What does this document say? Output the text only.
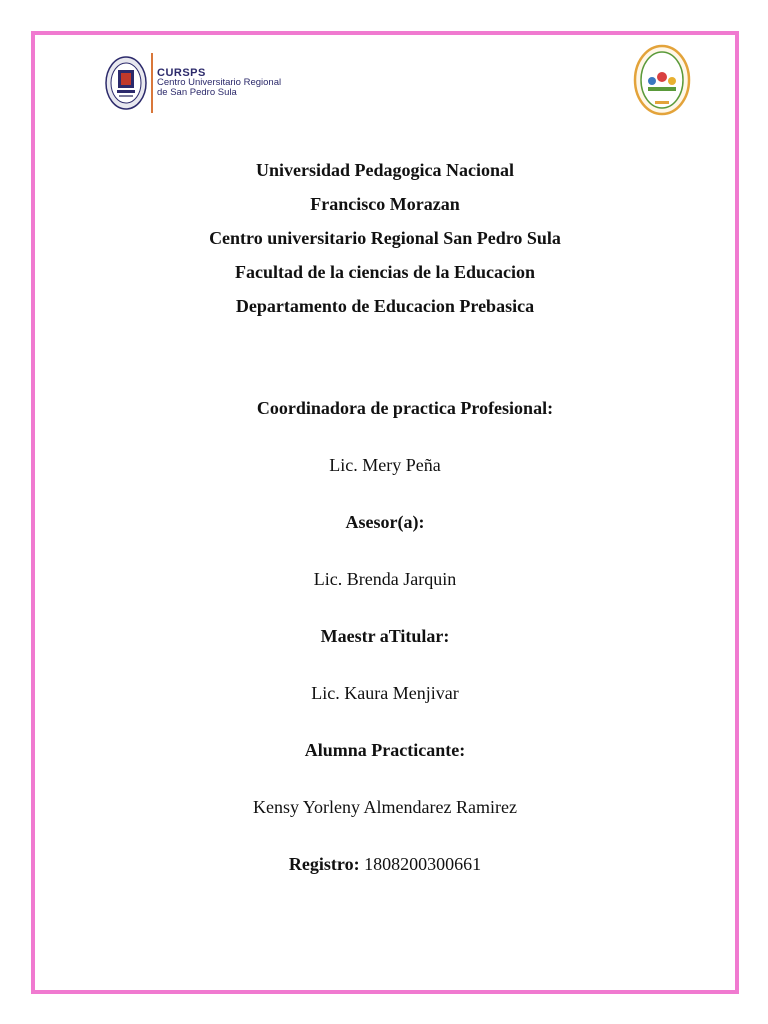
CURSPS
Centro Universitario Regional
de San Pedro Sula
Universidad Pedagogica Nacional
Francisco Morazan
Centro universitario Regional San Pedro Sula
Facultad de la ciencias de la Educacion
Departamento de Educacion Prebasica
Coordinadora de practica Profesional:
Lic. Mery Peña
Asesor(a):
Lic. Brenda Jarquin
Maestr aTitular:
Lic. Kaura Menjivar
Alumna Practicante:
Kensy Yorleny Almendarez Ramirez
Registro: 1808200300661
